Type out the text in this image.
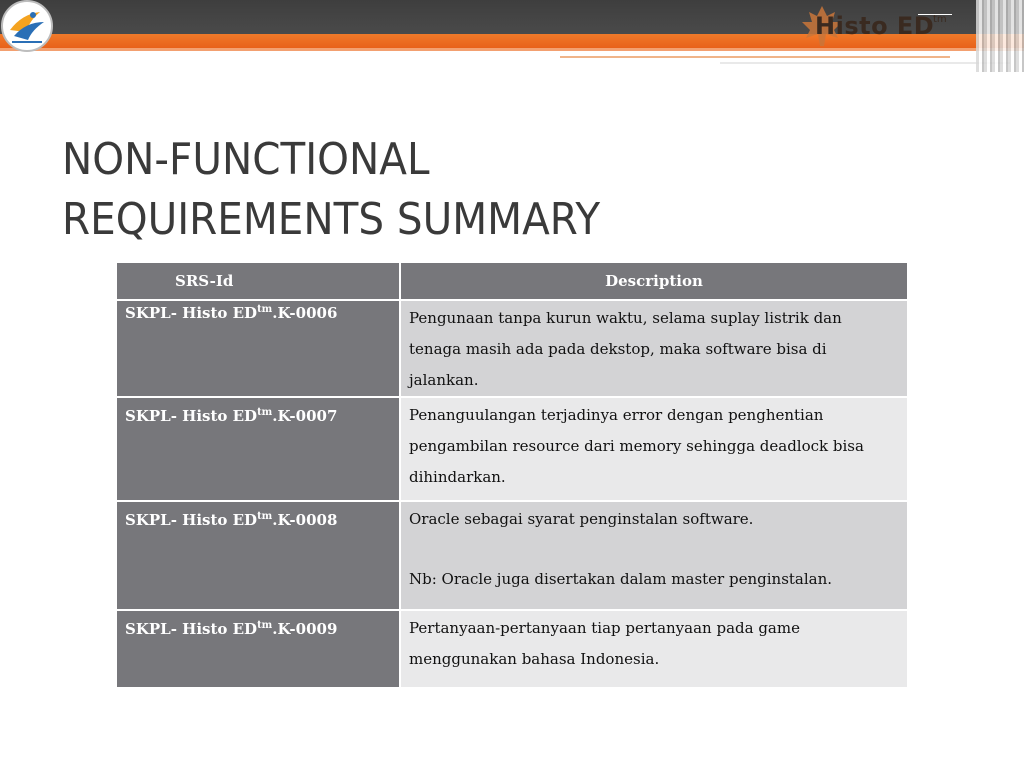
Histo ED
tm
NON-FUNCTIONAL
REQUIREMENTS SUMMARY
SRS-Id	Description
SKPL- Histo $ED^{tm}.K-0006$	Pengunaan tanpa kurun waktu, selama suplay listrik dan tenaga masih ada pada dekstop, maka software bisa di jalankan.
SKPL- Histo $ED^{tm}.K-0007$	Penanguulangan terjadinya error dengan penghentian pengambilan resource dari memory sehingga deadlock bisa dihindarkan.
SKPL- Histo $ED^{tm}.K-0008$	Oracle sebagai syarat penginstalan software.
Nb: Oracle juga disertakan dalam master penginstalan.

SKPL- Histo $ED^{tm}.K-0009$	Pertanyaan-pertanyaan tiap pertanyaan pada game menggunakan bahasa Indonesia.
